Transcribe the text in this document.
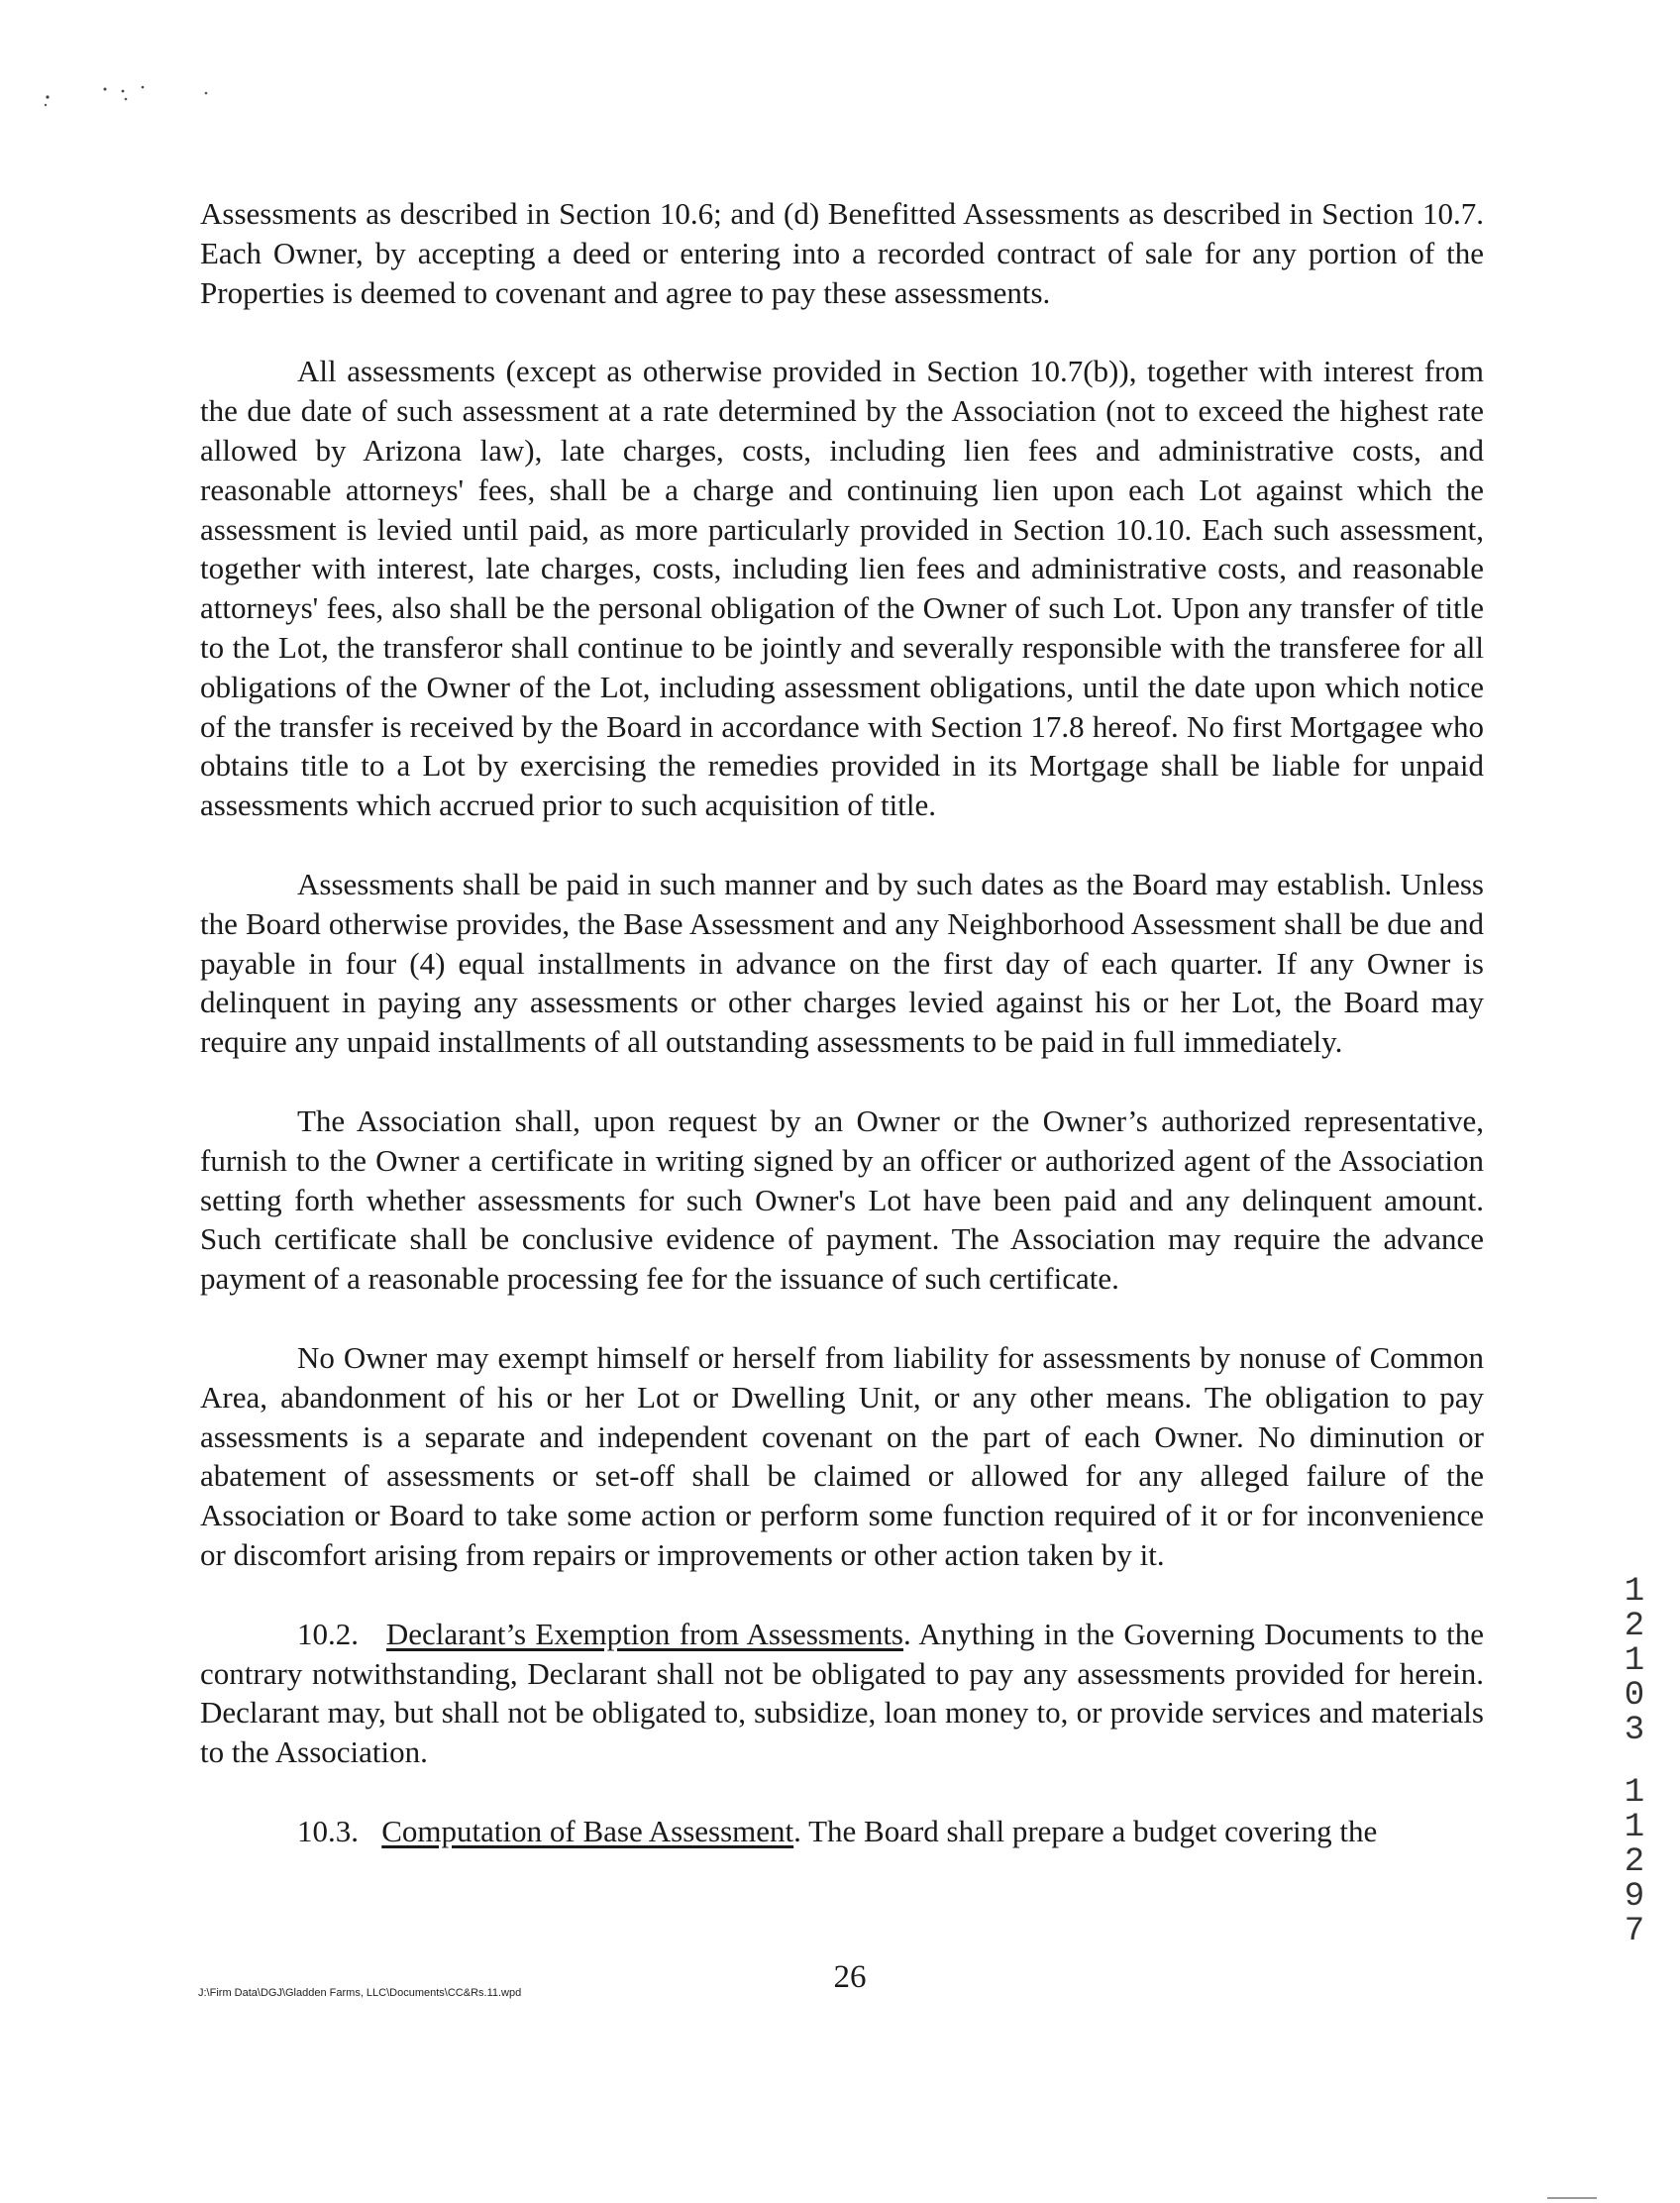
Assessments as described in Section 10.6; and (d) Benefitted Assessments as described in Section 10.7. Each Owner, by accepting a deed or entering into a recorded contract of sale for any portion of the Properties is deemed to covenant and agree to pay these assessments.

All assessments (except as otherwise provided in Section 10.7(b)), together with interest from the due date of such assessment at a rate determined by the Association (not to exceed the highest rate allowed by Arizona law), late charges, costs, including lien fees and administrative costs, and reasonable attorneys' fees, shall be a charge and continuing lien upon each Lot against which the assessment is levied until paid, as more particularly provided in Section 10.10. Each such assessment, together with interest, late charges, costs, including lien fees and administrative costs, and reasonable attorneys' fees, also shall be the personal obligation of the Owner of such Lot. Upon any transfer of title to the Lot, the transferor shall continue to be jointly and severally responsible with the transferee for all obligations of the Owner of the Lot, including assessment obligations, until the date upon which notice of the transfer is received by the Board in accordance with Section 17.8 hereof. No first Mortgagee who obtains title to a Lot by exercising the remedies provided in its Mortgage shall be liable for unpaid assessments which accrued prior to such acquisition of title.

Assessments shall be paid in such manner and by such dates as the Board may establish. Unless the Board otherwise provides, the Base Assessment and any Neighborhood Assessment shall be due and payable in four (4) equal installments in advance on the first day of each quarter. If any Owner is delinquent in paying any assessments or other charges levied against his or her Lot, the Board may require any unpaid installments of all outstanding assessments to be paid in full immediately.

The Association shall, upon request by an Owner or the Owner’s authorized representative, furnish to the Owner a certificate in writing signed by an officer or authorized agent of the Association setting forth whether assessments for such Owner's Lot have been paid and any delinquent amount. Such certificate shall be conclusive evidence of payment. The Association may require the advance payment of a reasonable processing fee for the issuance of such certificate.

No Owner may exempt himself or herself from liability for assessments by nonuse of Common Area, abandonment of his or her Lot or Dwelling Unit, or any other means. The obligation to pay assessments is a separate and independent covenant on the part of each Owner. No diminution or abatement of assessments or set-off shall be claimed or allowed for any alleged failure of the Association or Board to take some action or perform some function required of it or for inconvenience or discomfort arising from repairs or improvements or other action taken by it.

10.2. Declarant’s Exemption from Assessments. Anything in the Governing Documents to the contrary notwithstanding, Declarant shall not be obligated to pay any assessments provided for herein. Declarant may, but shall not be obligated to, subsidize, loan money to, or provide services and materials to the Association.

10.3. Computation of Base Assessment. The Board shall prepare a budget covering the

26
J:\Firm Data\DGJ\Gladden Farms, LLC\Documents\CC&Rs.11.wpd
1
2
1
0
3
1
1
2
9
7
